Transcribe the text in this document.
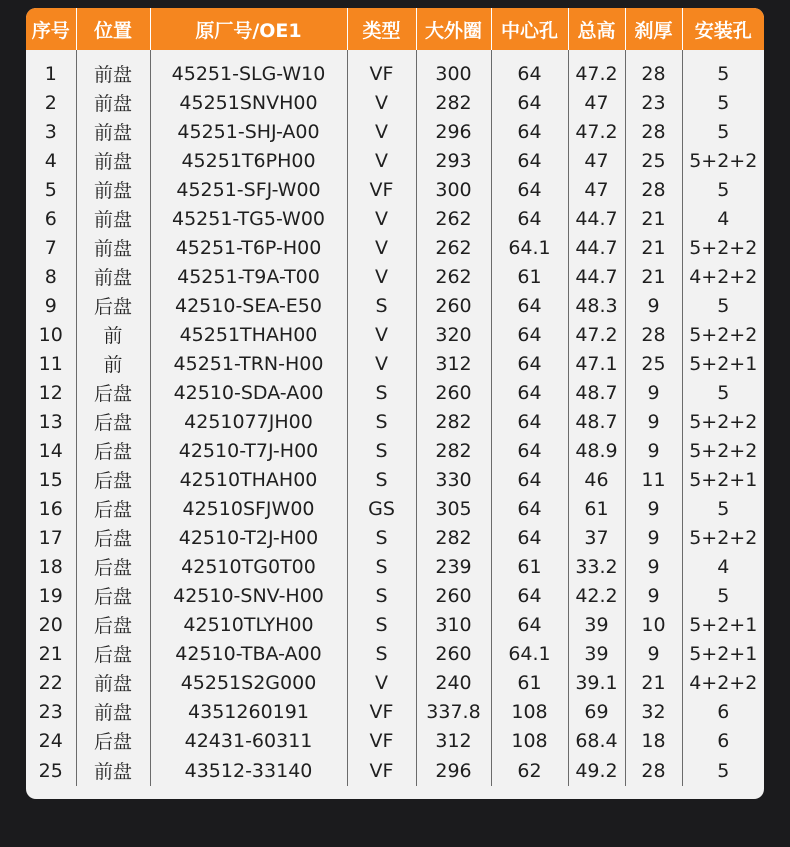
序号	位置	原厂号/OE1	类型	大外圈	中心孔	总高	刹厚	安装孔

1	前盘	45251-SLG-W10	VF	300	64	47.2	28	5
2	前盘	45251SNVH00	V	282	64	47	23	5
3	前盘	45251-SHJ-A00	V	296	64	47.2	28	5
4	前盘	45251T6PH00	V	293	64	47	25	5+2+2
5	前盘	45251-SFJ-W00	VF	300	64	47	28	5
6	前盘	45251-TG5-W00	V	262	64	44.7	21	4
7	前盘	45251-T6P-H00	V	262	64.1	44.7	21	5+2+2
8	前盘	45251-T9A-T00	V	262	61	44.7	21	4+2+2
9	后盘	42510-SEA-E50	S	260	64	48.3	9	5
10	前	45251THAH00	V	320	64	47.2	28	5+2+2
11	前	45251-TRN-H00	V	312	64	47.1	25	5+2+1
12	后盘	42510-SDA-A00	S	260	64	48.7	9	5
13	后盘	4251077JH00	S	282	64	48.7	9	5+2+2
14	后盘	42510-T7J-H00	S	282	64	48.9	9	5+2+2
15	后盘	42510THAH00	S	330	64	46	11	5+2+1
16	后盘	42510SFJW00	GS	305	64	61	9	5
17	后盘	42510-T2J-H00	S	282	64	37	9	5+2+2
18	后盘	42510TG0T00	S	239	61	33.2	9	4
19	后盘	42510-SNV-H00	S	260	64	42.2	9	5
20	后盘	42510TLYH00	S	310	64	39	10	5+2+1
21	后盘	42510-TBA-A00	S	260	64.1	39	9	5+2+1
22	前盘	45251S2G000	V	240	61	39.1	21	4+2+2
23	前盘	4351260191	VF	337.8	108	69	32	6
24	后盘	42431-60311	VF	312	108	68.4	18	6
25	前盘	43512-33140	VF	296	62	49.2	28	5
